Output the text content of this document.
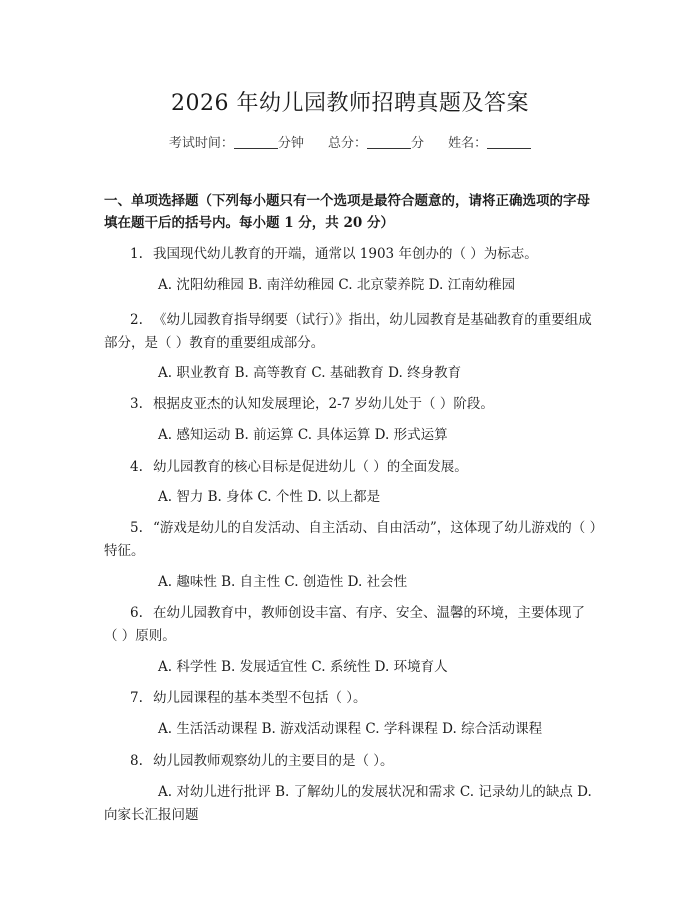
2026 年幼儿园教师招聘真题及答案
考试时间：	分钟 总分：	分 姓名：
一、单项选择题（下列每小题只有一个选项是最符合题意的，请将正确选项的字母填在题干后的括号内。每小题 1 分，共 20 分）
1. 我国现代幼儿教育的开端，通常以 1903 年创办的（ ）为标志。
A. 沈阳幼稚园 B. 南洋幼稚园 C. 北京蒙养院 D. 江南幼稚园
2. 《幼儿园教育指导纲要（试行）》指出，幼儿园教育是基础教育的重要组成部分，是（ ）教育的重要组成部分。
A. 职业教育 B. 高等教育 C. 基础教育 D. 终身教育
3. 根据皮亚杰的认知发展理论，2-7 岁幼儿处于（ ）阶段。
A. 感知运动 B. 前运算 C. 具体运算 D. 形式运算
4. 幼儿园教育的核心目标是促进幼儿（ ）的全面发展。
A. 智力 B. 身体 C. 个性 D. 以上都是
5. “游戏是幼儿的自发活动、自主活动、自由活动”，这体现了幼儿游戏的（ ）特征。
A. 趣味性 B. 自主性 C. 创造性 D. 社会性
6. 在幼儿园教育中，教师创设丰富、有序、安全、温馨的环境，主要体现了（ ）原则。
A. 科学性 B. 发展适宜性 C. 系统性 D. 环境育人
7. 幼儿园课程的基本类型不包括（ ）。
A. 生活活动课程 B. 游戏活动课程 C. 学科课程 D. 综合活动课程
8. 幼儿园教师观察幼儿的主要目的是（ ）。
A. 对幼儿进行批评 B. 了解幼儿的发展状况和需求 C. 记录幼儿的缺点 D. 向家长汇报问题
